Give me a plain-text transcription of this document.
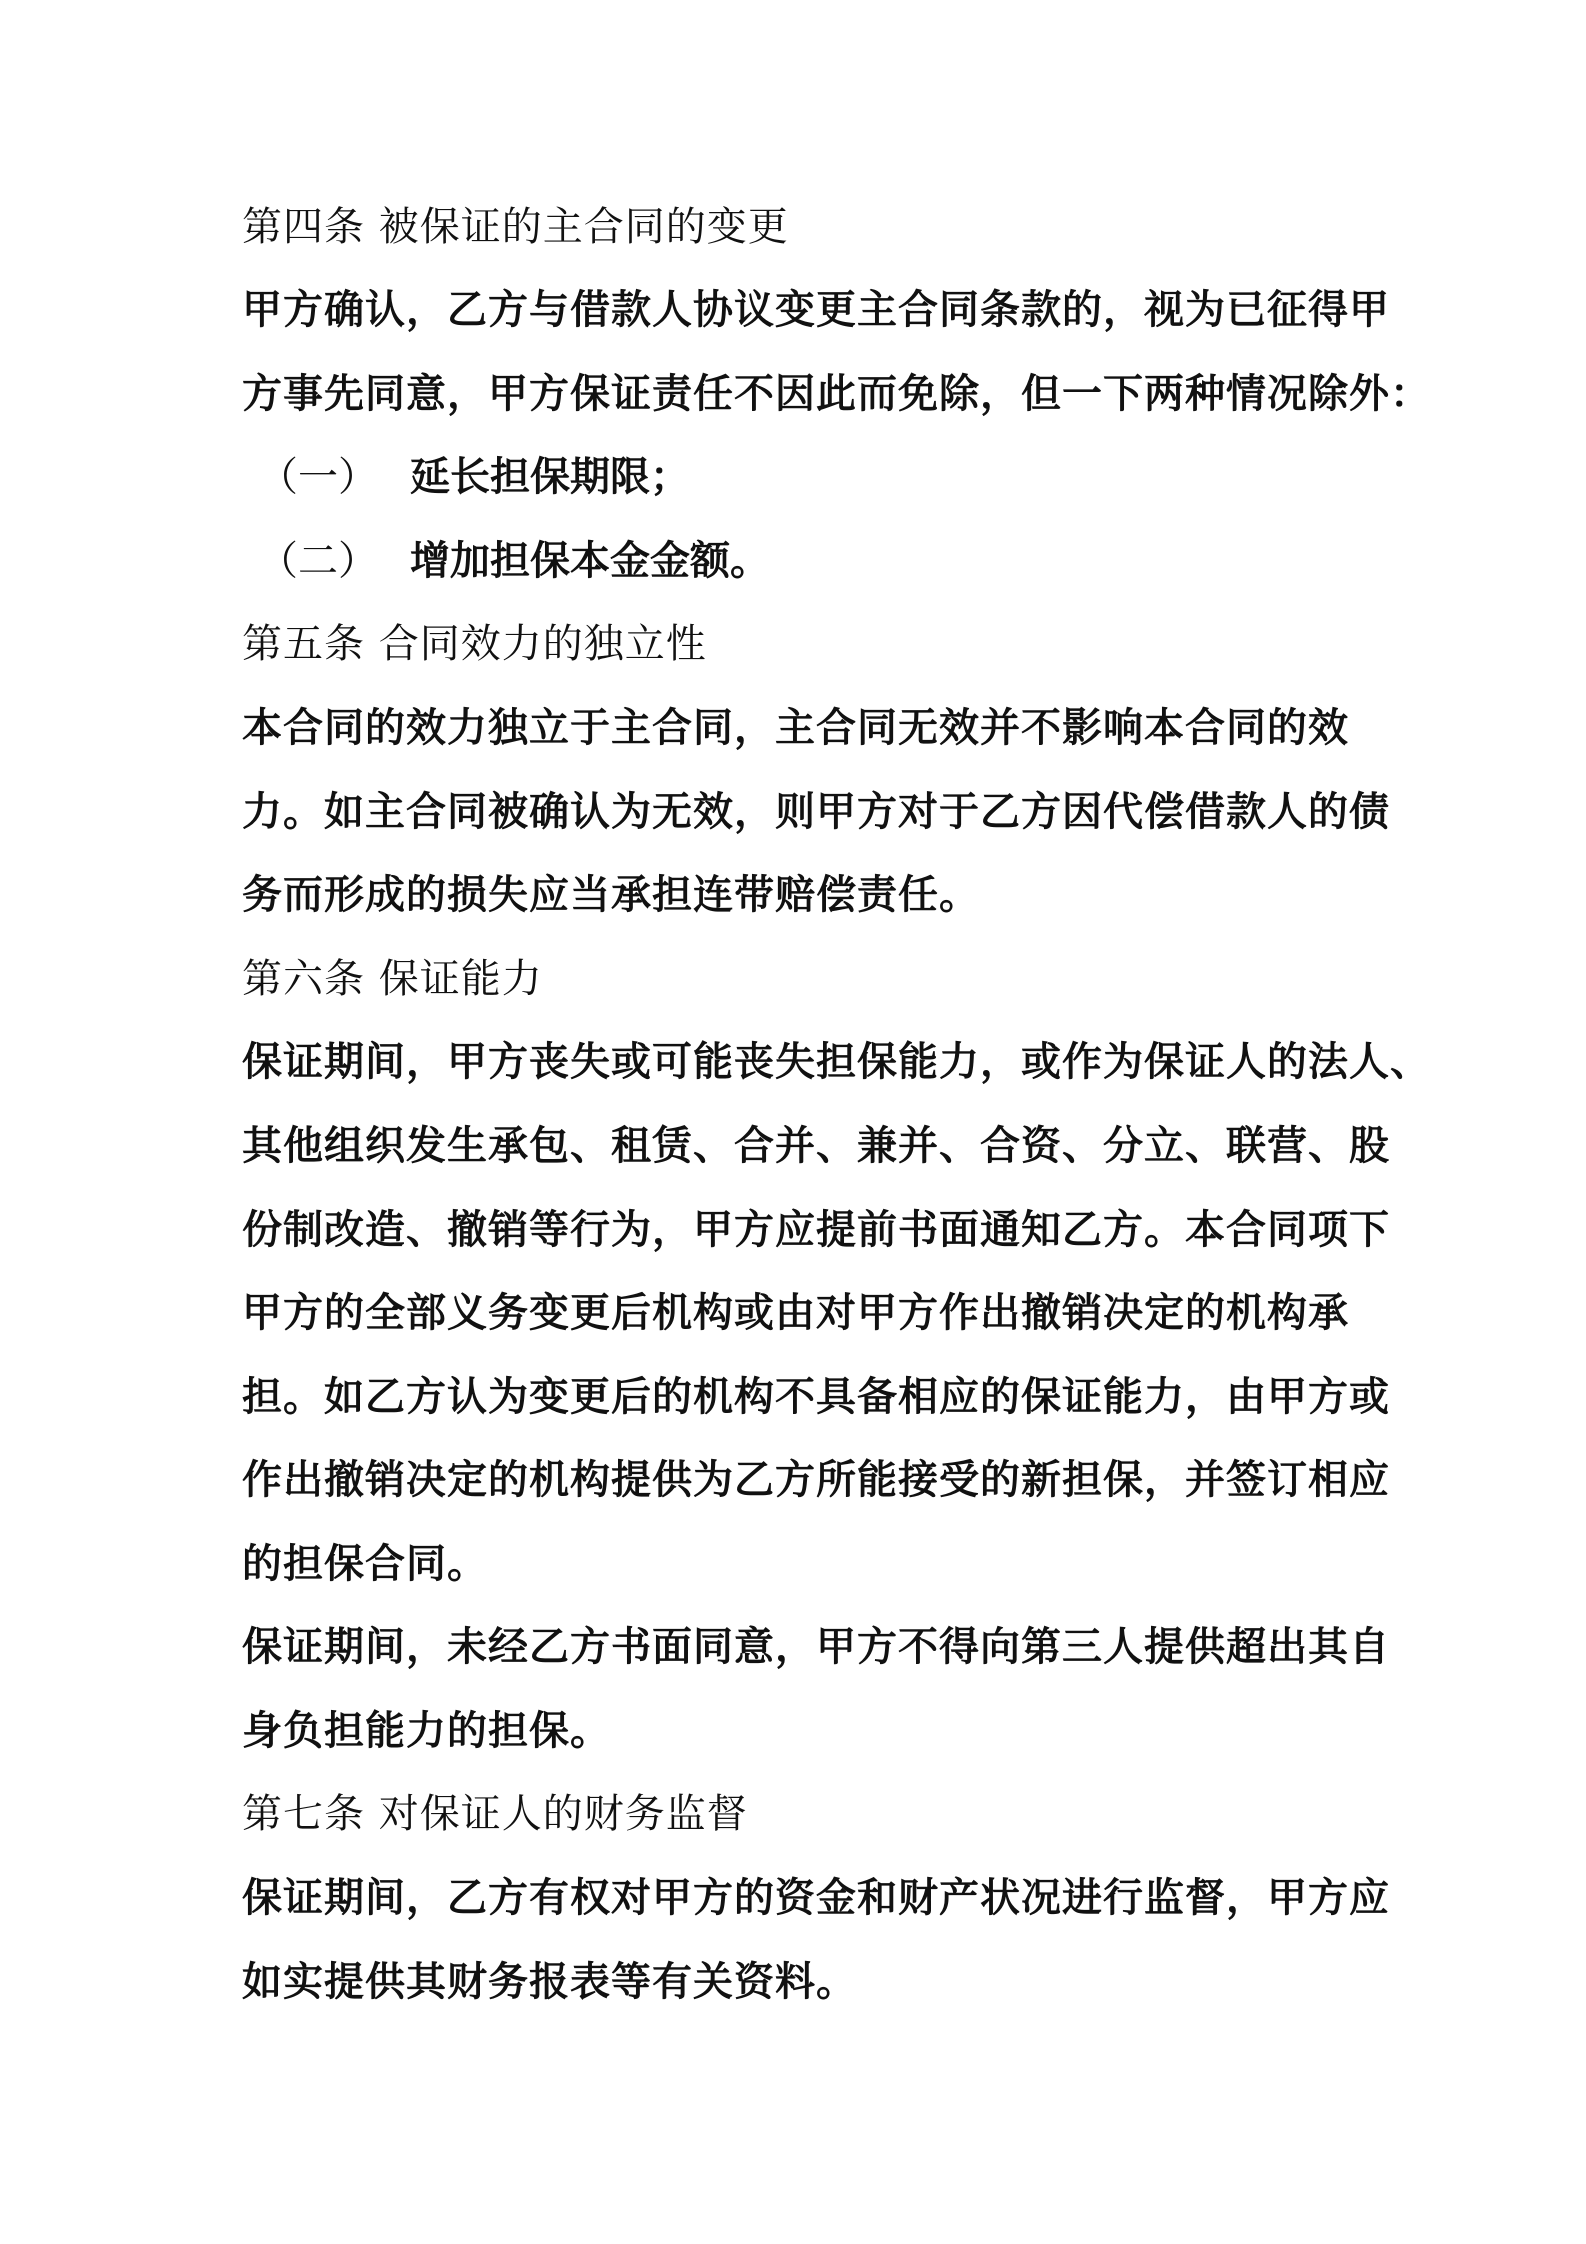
第四条 被保证的主合同的变更
甲方确认，乙方与借款人协议变更主合同条款的，视为已征得甲
方事先同意，甲方保证责任不因此而免除，但一下两种情况除外：
（一） 延长担保期限；
（二） 增加担保本金金额。
第五条 合同效力的独立性
本合同的效力独立于主合同，主合同无效并不影响本合同的效
力。如主合同被确认为无效，则甲方对于乙方因代偿借款人的债
务而形成的损失应当承担连带赔偿责任。
第六条 保证能力
保证期间，甲方丧失或可能丧失担保能力，或作为保证人的法人、
其他组织发生承包、租赁、合并、兼并、合资、分立、联营、股
份制改造、撤销等行为，甲方应提前书面通知乙方。本合同项下
甲方的全部义务变更后机构或由对甲方作出撤销决定的机构承
担。如乙方认为变更后的机构不具备相应的保证能力，由甲方或
作出撤销决定的机构提供为乙方所能接受的新担保，并签订相应
的担保合同。
保证期间，未经乙方书面同意，甲方不得向第三人提供超出其自
身负担能力的担保。
第七条 对保证人的财务监督
保证期间，乙方有权对甲方的资金和财产状况进行监督，甲方应
如实提供其财务报表等有关资料。
